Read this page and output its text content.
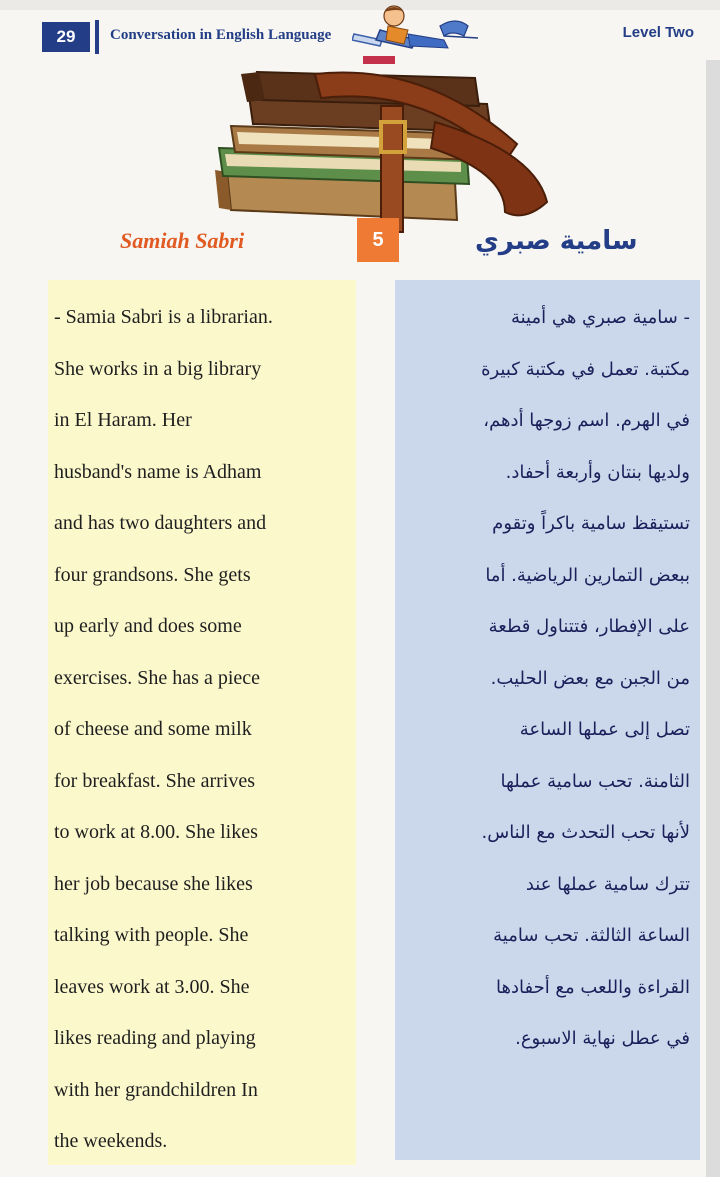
29	Conversation in English Language	Level Two
Samiah Sabri	5	سامية صبري
- Samia Sabri is a librarian.
She works in a big library
in El Haram. Her
husband's name is Adham
and has two daughters and
four grandsons. She gets
up early and does some
exercises. She has a piece
of cheese and some milk
for breakfast. She arrives
to work at 8.00. She likes
her job because she likes
talking with people. She
leaves work at 3.00. She
likes reading and playing
with her grandchildren In
the weekends.
- سامية صبري هي أمينة
مكتبة. تعمل ﻓﻲ مكتبة كبيرة
ﻓﻲ الهرم. اسم زوجها أدهم،
ولديها بنتان وأربعة أحفاد.
تستيقظ سامية باكراً وتقوم
ببعض التمارين الرياضية. أما
على الإفطار، فتتناول قطعة
من الجبن مع بعض الحليب.
تصل إلى عملها الساعة
الثامنة. تحب سامية عملها
لأنها تحب التحدث مع الناس.
تترك سامية عملها عند
الساعة الثالثة. تحب سامية
القراءة واللعب مع أحفادها
ﻓﻲ عطل نهاية الاسبوع.
